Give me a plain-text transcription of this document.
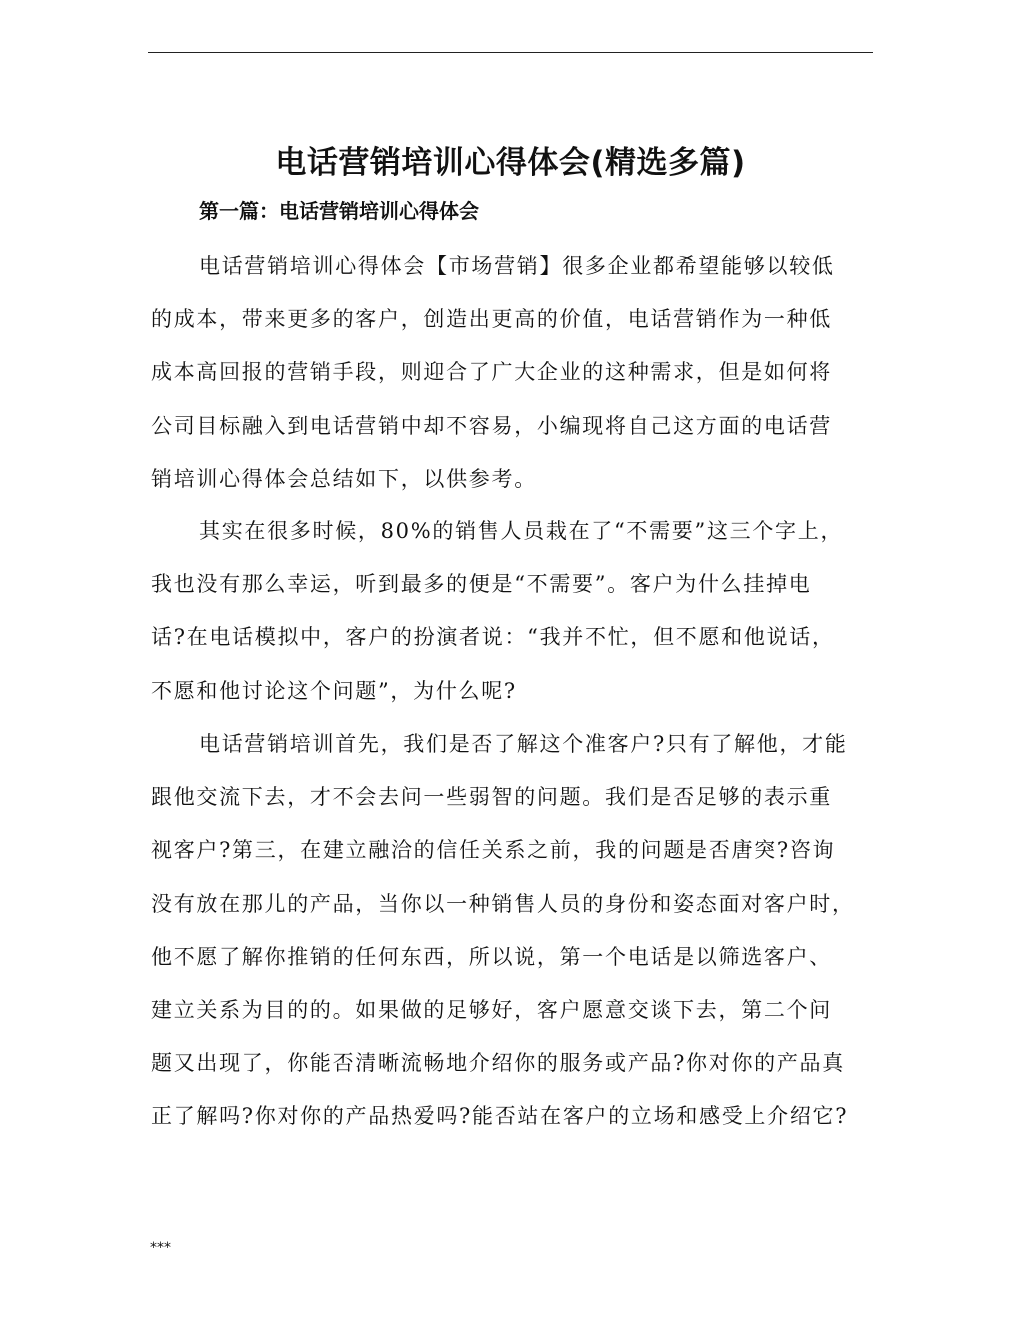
电话营销培训心得体会(精选多篇)
第一篇：电话营销培训心得体会

电话营销培训心得体会【市场营销】很多企业都希望能够以较低
的成本，带来更多的客户，创造出更高的价值，电话营销作为一种低
成本高回报的营销手段，则迎合了广大企业的这种需求，但是如何将
公司目标融入到电话营销中却不容易，小编现将自己这方面的电话营
销培训心得体会总结如下，以供参考。

其实在很多时候，80%的销售人员栽在了“不需要”这三个字上，
我也没有那么幸运，听到最多的便是“不需要”。客户为什么挂掉电
话?在电话模拟中，客户的扮演者说：“我并不忙，但不愿和他说话，
不愿和他讨论这个问题”，为什么呢?

电话营销培训首先，我们是否了解这个准客户?只有了解他，才能
跟他交流下去，才不会去问一些弱智的问题。我们是否足够的表示重
视客户?第三，在建立融洽的信任关系之前，我的问题是否唐突?咨询
没有放在那儿的产品，当你以一种销售人员的身份和姿态面对客户时，
他不愿了解你推销的任何东西，所以说，第一个电话是以筛选客户、
建立关系为目的的。如果做的足够好，客户愿意交谈下去，第二个问
题又出现了，你能否清晰流畅地介绍你的服务或产品?你对你的产品真
正了解吗?你对你的产品热爱吗?能否站在客户的立场和感受上介绍它?

***
